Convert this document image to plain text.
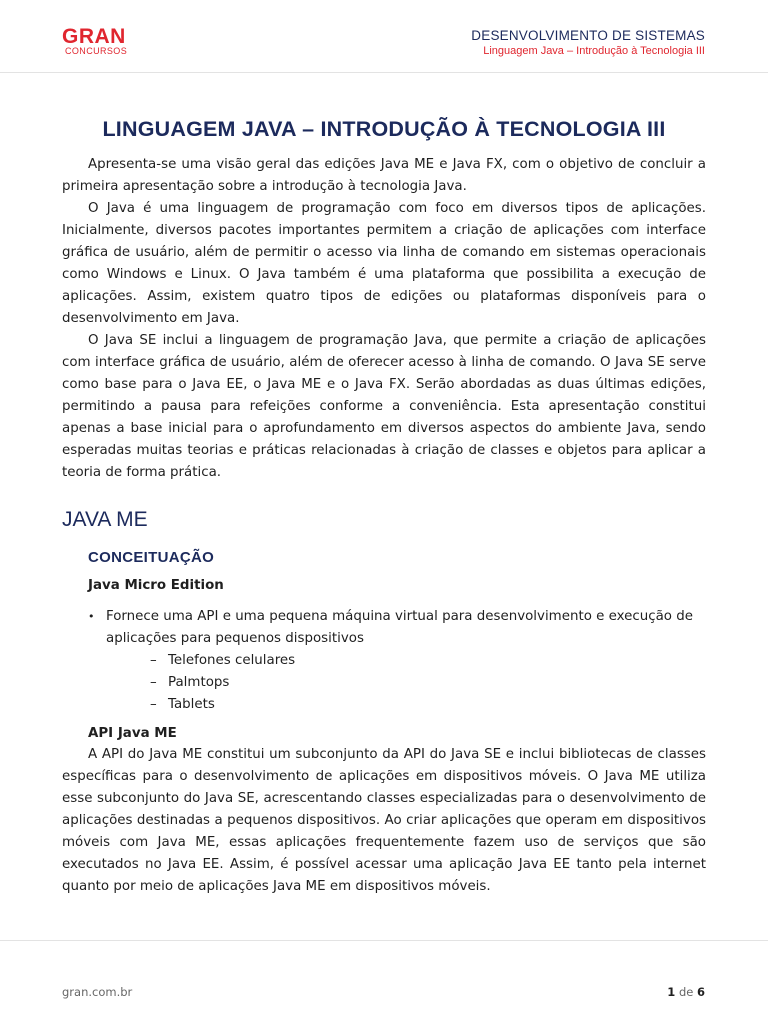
GRAN
CONCURSOS
DESENVOLVIMENTO DE SISTEMAS
Linguagem Java – Introdução à Tecnologia III
LINGUAGEM JAVA – INTRODUÇÃO À TECNOLOGIA III

Apresenta-se uma visão geral das edições Java ME e Java FX, com o objetivo de concluir a primeira apresentação sobre a introdução à tecnologia Java.

O Java é uma linguagem de programação com foco em diversos tipos de aplicações. Inicialmente, diversos pacotes importantes permitem a criação de aplicações com interface gráfica de usuário, além de permitir o acesso via linha de comando em sistemas operacionais como Windows e Linux. O Java também é uma plataforma que possibilita a execução de aplicações. Assim, existem quatro tipos de edições ou plataformas disponíveis para o desenvolvimento em Java.

O Java SE inclui a linguagem de programação Java, que permite a criação de aplicações com interface gráfica de usuário, além de oferecer acesso à linha de comando. O Java SE serve como base para o Java EE, o Java ME e o Java FX. Serão abordadas as duas últimas edições, permitindo a pausa para refeições conforme a conveniência. Esta apresentação constitui apenas a base inicial para o aprofundamento em diversos aspectos do ambiente Java, sendo esperadas muitas teorias e práticas relacionadas à criação de classes e objetos para aplicar a teoria de forma prática.

JAVA ME
CONCEITUAÇÃO
Java Micro Edition
• Fornece uma API e uma pequena máquina virtual para desenvolvimento e execução de aplicações para pequenos dispositivos
– Telefones celulares
– Palmtops
– Tablets
API Java ME

A API do Java ME constitui um subconjunto da API do Java SE e inclui bibliotecas de classes específicas para o desenvolvimento de aplicações em dispositivos móveis. O Java ME utiliza esse subconjunto do Java SE, acrescentando classes especializadas para o desenvolvimento de aplicações destinadas a pequenos dispositivos. Ao criar aplicações que operam em dispositivos móveis com Java ME, essas aplicações frequentemente fazem uso de serviços que são executados no Java EE. Assim, é possível acessar uma aplicação Java EE tanto pela internet quanto por meio de aplicações Java ME em dispositivos móveis.

gran.com.br	1 de 6
